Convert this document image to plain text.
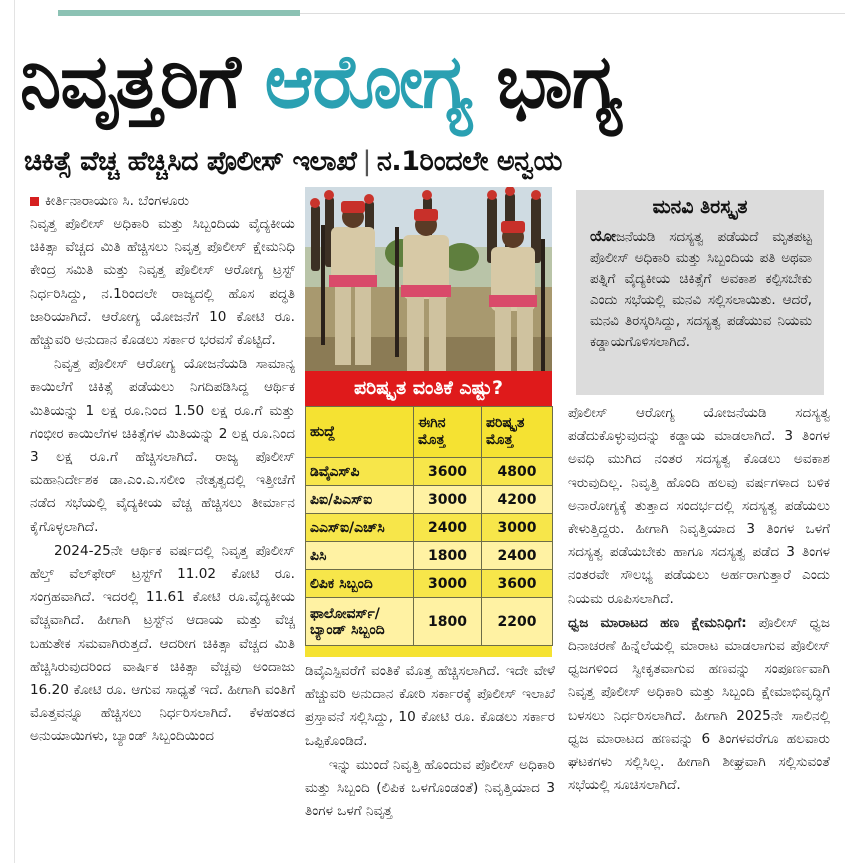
ನಿವೃತ್ತರಿಗೆ ಆರೋಗ್ಯ ಭಾಗ್ಯ
ಚಿಕಿತ್ಸೆ ವೆಚ್ಚ ಹೆಚ್ಚಿಸಿದ ಪೊಲೀಸ್ ಇಲಾಖೆ | ನ.1ರಿಂದಲೇ ಅನ್ವಯ
ಕೀರ್ತಿನಾರಾಯಣ ಸಿ. ಬೆಂಗಳೂರು

ನಿವೃತ್ತ ಪೊಲೀಸ್ ಅಧಿಕಾರಿ ಮತ್ತು ಸಿಬ್ಬಂದಿಯ ವೈದ್ಯಕೀಯ ಚಿಕಿತ್ಸಾ ವೆಚ್ಚದ ಮಿತಿ ಹೆಚ್ಚಿಸಲು ನಿವೃತ್ತ ಪೊಲೀಸ್ ಕ್ಷೇಮನಿಧಿ ಕೇಂದ್ರ ಸಮಿತಿ ಮತ್ತು ನಿವೃತ್ತ ಪೊಲೀಸ್ ಆರೋಗ್ಯ ಟ್ರಸ್ಟ್ ನಿರ್ಧರಿಸಿದ್ದು, ನ.1ರಿಂದಲೇ ರಾಜ್ಯದಲ್ಲಿ ಹೊಸ ಪದ್ಧತಿ ಜಾರಿಯಾಗಿದೆ. ಆರೋಗ್ಯ ಯೋಜನೆಗೆ 10 ಕೋಟಿ ರೂ. ಹೆಚ್ಚುವರಿ ಅನುದಾನ ಕೊಡಲು ಸರ್ಕಾರ ಭರವಸೆ ಕೊಟ್ಟಿದೆ.

ನಿವೃತ್ತ ಪೊಲೀಸ್ ಆರೋಗ್ಯ ಯೋಜನೆಯಡಿ ಸಾಮಾನ್ಯ ಕಾಯಿಲೆಗೆ ಚಿಕಿತ್ಸೆ ಪಡೆಯಲು ನಿಗದಿಪಡಿಸಿದ್ದ ಆರ್ಥಿಕ ಮಿತಿಯನ್ನು 1 ಲಕ್ಷ ರೂ.ನಿಂದ 1.50 ಲಕ್ಷ ರೂ.ಗೆ ಮತ್ತು ಗಂಭೀರ ಕಾಯಿಲೆಗಳ ಚಿಕಿತ್ಸೆಗಳ ಮಿತಿಯನ್ನು 2 ಲಕ್ಷ ರೂ.ನಿಂದ 3 ಲಕ್ಷ ರೂ.ಗೆ ಹೆಚ್ಚಿಸಲಾಗಿದೆ. ರಾಜ್ಯ ಪೊಲೀಸ್ ಮಹಾನಿರ್ದೇಶಕ ಡಾ.ಎಂ.ಎ.ಸಲೀಂ ನೇತೃತ್ವದಲ್ಲಿ ಇತ್ತೀಚೆಗೆ ನಡೆದ ಸಭೆಯಲ್ಲಿ ವೈದ್ಯಕೀಯ ವೆಚ್ಚ ಹೆಚ್ಚಿಸಲು ತೀರ್ಮಾನ ಕೈಗೊಳ್ಳಲಾಗಿದೆ.

2024-25ನೇ ಆರ್ಥಿಕ ವರ್ಷದಲ್ಲಿ ನಿವೃತ್ತ ಪೊಲೀಸ್ ಹೆಲ್ತ್ ವೆಲ್‌ಫೇರ್ ಟ್ರಸ್ಟ್‌ಗೆ 11.02 ಕೋಟಿ ರೂ. ಸಂಗ್ರಹವಾಗಿದೆ. ಇದರಲ್ಲಿ 11.61 ಕೋಟಿ ರೂ.ವೈದ್ಯಕೀಯ ವೆಚ್ಚವಾಗಿದೆ. ಹೀಗಾಗಿ ಟ್ರಸ್ಟ್‌ನ ಆದಾಯ ಮತ್ತು ವೆಚ್ಚ ಬಹುತೇಕ ಸಮವಾಗಿರುತ್ತದೆ. ಆದರೀಗ ಚಿಕಿತ್ಸಾ ವೆಚ್ಚದ ಮಿತಿ ಹೆಚ್ಚಿಸಿರುವುದರಿಂದ ವಾರ್ಷಿಕ ಚಿಕಿತ್ಸಾ ವೆಚ್ಚವು ಅಂದಾಜು 16.20 ಕೋಟಿ ರೂ. ಆಗುವ ಸಾಧ್ಯತೆ ಇದೆ. ಹೀಗಾಗಿ ವಂತಿಗೆ ಮೊತ್ತವನ್ನೂ ಹೆಚ್ಚಿಸಲು ನಿರ್ಧರಿಸಲಾಗಿದೆ. ಕೆಳಹಂತದ ಅನುಯಾಯಿಗಳು, ಬ್ಯಾಂಡ್ ಸಿಬ್ಬಂದಿಯಿಂದ

ಪರಿಷ್ಕೃತ ವಂತಿಕೆ ಎಷ್ಟು?
ಹುದ್ದೆ	ಈಗಿನ ಮೊತ್ತ	ಪರಿಷ್ಕೃತ ಮೊತ್ತ
ಡಿವೈಎಸ್‌ಪಿ	3600	4800
ಪಿಐ/ಪಿಎಸ್‌ಐ	3000	4200
ಎಎಸ್‌ಐ/ಎಚ್‌ಸಿ	2400	3000
ಪಿಸಿ	1800	2400
ಲಿಪಿಕ ಸಿಬ್ಬಂದಿ	3000	3600
ಫಾಲೋವರ್ಸ್/ ಬ್ಯಾಂಡ್ ಸಿಬ್ಬಂದಿ	1800	2200

ಡಿವೈಎಸ್ಪಿವರೆಗೆ ವಂತಿಕೆ ಮೊತ್ತ ಹೆಚ್ಚಿಸಲಾಗಿದೆ. ಇದೇ ವೇಳೆ ಹೆಚ್ಚುವರಿ ಅನುದಾನ ಕೋರಿ ಸರ್ಕಾರಕ್ಕೆ ಪೊಲೀಸ್ ಇಲಾಖೆ ಪ್ರಸ್ತಾವನೆ ಸಲ್ಲಿಸಿದ್ದು, 10 ಕೋಟಿ ರೂ. ಕೊಡಲು ಸರ್ಕಾರ ಒಪ್ಪಿಕೊಂಡಿದೆ.

ಇನ್ನು ಮುಂದೆ ನಿವೃತ್ತಿ ಹೊಂದುವ ಪೊಲೀಸ್ ಅಧಿಕಾರಿ ಮತ್ತು ಸಿಬ್ಬಂದಿ (ಲಿಪಿಕ ಒಳಗೊಂಡಂತೆ) ನಿವೃತ್ತಿಯಾದ 3 ತಿಂಗಳ ಒಳಗೆ ನಿವೃತ್ತ

ಮನವಿ ತಿರಸ್ಕೃತ
ಯೋಜನೆಯಡಿ ಸದಸ್ಯತ್ವ ಪಡೆಯದೆ ಮೃತಪಟ್ಟ ಪೊಲೀಸ್ ಅಧಿಕಾರಿ ಮತ್ತು ಸಿಬ್ಬಂದಿಯ ಪತಿ ಅಥವಾ ಪತ್ನಿಗೆ ವೈದ್ಯಕೀಯ ಚಿಕಿತ್ಸೆಗೆ ಅವಕಾಶ ಕಲ್ಪಿಸಬೇಕು ಎಂದು ಸಭೆಯಲ್ಲಿ ಮನವಿ ಸಲ್ಲಿಸಲಾಯಿತು. ಆದರೆ, ಮನವಿ ತಿರಸ್ಕರಿಸಿದ್ದು, ಸದಸ್ಯತ್ವ ಪಡೆಯುವ ನಿಯಮ ಕಡ್ಡಾಯಗೊಳಿಸಲಾಗಿದೆ.

ಪೊಲೀಸ್ ಆರೋಗ್ಯ ಯೋಜನೆಯಡಿ ಸದಸ್ಯತ್ವ ಪಡೆದುಕೊಳ್ಳುವುದನ್ನು ಕಡ್ಡಾಯ ಮಾಡಲಾಗಿದೆ. 3 ತಿಂಗಳ ಅವಧಿ ಮುಗಿದ ನಂತರ ಸದಸ್ಯತ್ವ ಕೊಡಲು ಅವಕಾಶ ಇರುವುದಿಲ್ಲ. ನಿವೃತ್ತಿ ಹೊಂದಿ ಹಲವು ವರ್ಷಗಳಾದ ಬಳಿಕ ಅನಾರೋಗ್ಯಕ್ಕೆ ತುತ್ತಾದ ಸಂದರ್ಭದಲ್ಲಿ ಸದಸ್ಯತ್ವ ಪಡೆಯಲು ಕೇಳುತ್ತಿದ್ದರು. ಹೀಗಾಗಿ ನಿವೃತ್ತಿಯಾದ 3 ತಿಂಗಳ ಒಳಗೆ ಸದಸ್ಯತ್ವ ಪಡೆಯಬೇಕು ಹಾಗೂ ಸದಸ್ಯತ್ವ ಪಡೆದ 3 ತಿಂಗಳ ನಂತರವೇ ಸೌಲಭ್ಯ ಪಡೆಯಲು ಅರ್ಹರಾಗುತ್ತಾರೆ ಎಂದು ನಿಯಮ ರೂಪಿಸಲಾಗಿದೆ.

ಧ್ವಜ ಮಾರಾಟದ ಹಣ ಕ್ಷೇಮನಿಧಿಗೆ: ಪೊಲೀಸ್ ಧ್ವಜ ದಿನಾಚರಣೆ ಹಿನ್ನೆಲೆಯಲ್ಲಿ ಮಾರಾಟ ಮಾಡಲಾಗುವ ಪೊಲೀಸ್ ಧ್ವಜಗಳಿಂದ ಸ್ವೀಕೃತವಾಗುವ ಹಣವನ್ನು ಸಂಪೂರ್ಣವಾಗಿ ನಿವೃತ್ತ ಪೊಲೀಸ್ ಅಧಿಕಾರಿ ಮತ್ತು ಸಿಬ್ಬಂದಿ ಕ್ಷೇಮಾಭಿವೃದ್ಧಿಗೆ ಬಳಸಲು ನಿರ್ಧರಿಸಲಾಗಿದೆ. ಹೀಗಾಗಿ 2025ನೇ ಸಾಲಿನಲ್ಲಿ ಧ್ವಜ ಮಾರಾಟದ ಹಣವನ್ನು 6 ತಿಂಗಳವರೆಗೂ ಹಲವಾರು ಘಟಕಗಳು ಸಲ್ಲಿಸಿಲ್ಲ. ಹೀಗಾಗಿ ಶೀಘ್ರವಾಗಿ ಸಲ್ಲಿಸುವಂತೆ ಸಭೆಯಲ್ಲಿ ಸೂಚಿಸಲಾಗಿದೆ.
